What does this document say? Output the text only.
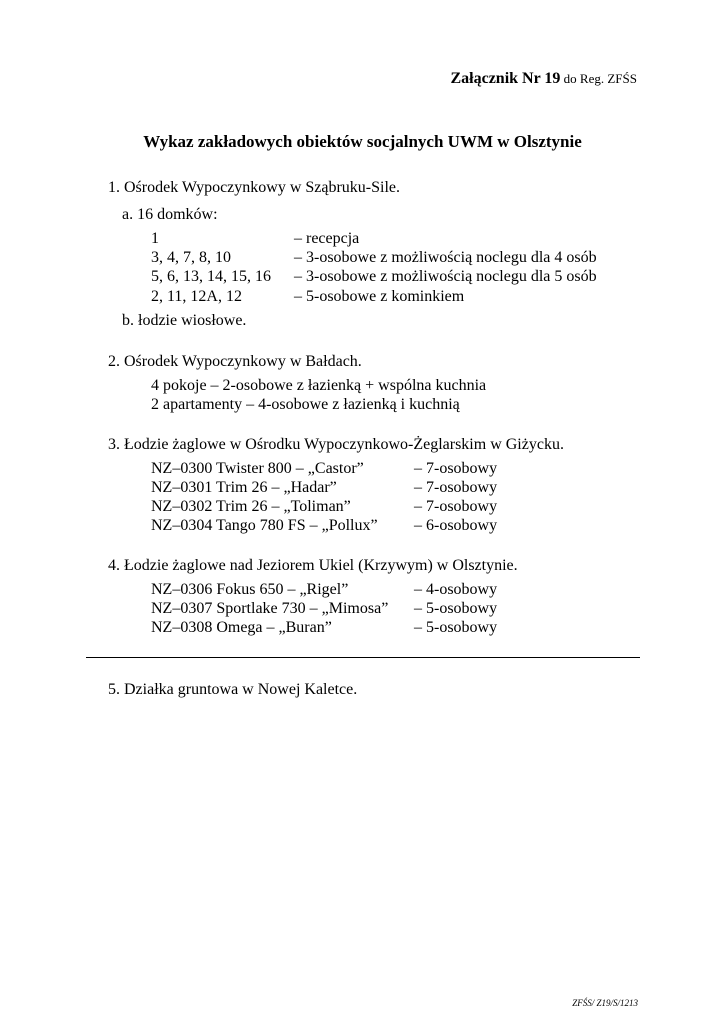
Załącznik Nr 19 do Reg. ZFŚS
Wykaz zakładowych obiektów socjalnych UWM w Olsztynie
1. Ośrodek Wypoczynkowy w Sząbruku-Sile.
a. 16 domków:
1	– recepcja
3, 4, 7, 8, 10	– 3-osobowe z możliwością noclegu dla 4 osób
5, 6, 13, 14, 15, 16 – 3-osobowe z możliwością noclegu dla 5 osób
2, 11, 12A, 12	– 5-osobowe z kominkiem
b. łodzie wiosłowe.
2. Ośrodek Wypoczynkowy w Bałdach.
4 pokoje – 2-osobowe z łazienką + wspólna kuchnia
2 apartamenty – 4-osobowe z łazienką i kuchnią
3. Łodzie żaglowe w Ośrodku Wypoczynkowo-Żeglarskim w Giżycku.
NZ–0300 Twister 800 – „Castor”	– 7-osobowy
NZ–0301 Trim 26 – „Hadar”	– 7-osobowy
NZ–0302 Trim 26 – „Toliman”	– 7-osobowy
NZ–0304 Tango 780 FS – „Pollux” – 6-osobowy
4. Łodzie żaglowe nad Jeziorem Ukiel (Krzywym) w Olsztynie.
NZ–0306 Fokus 650 – „Rigel”	– 4-osobowy
NZ–0307 Sportlake 730 – „Mimosa” – 5-osobowy
NZ–0308 Omega – „Buran”	– 5-osobowy
5. Działka gruntowa w Nowej Kaletce.
ZFŚS/ Z19/S/1213
